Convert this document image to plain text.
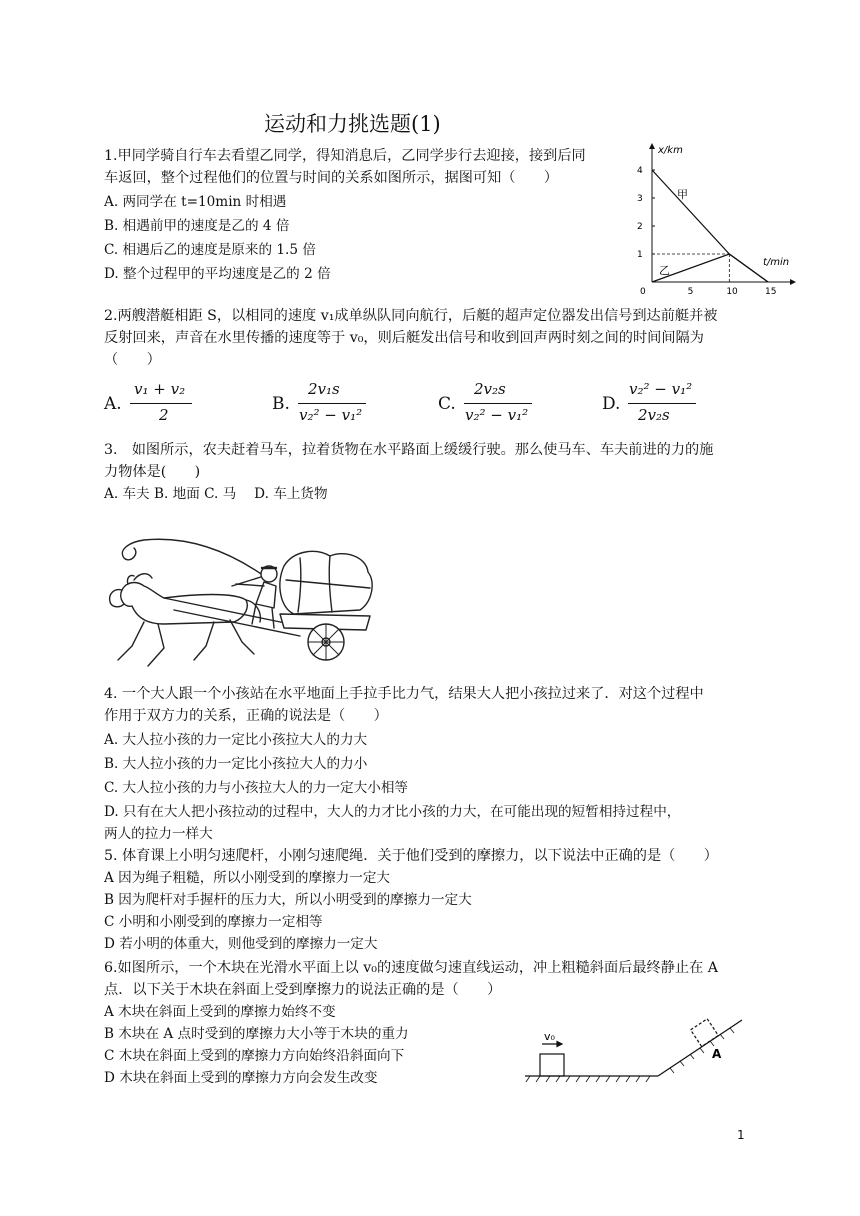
运动和力挑选题(1)
1.甲同学骑自行车去看望乙同学，得知消息后，乙同学步行去迎接，接到后同
车返回，整个过程他们的位置与时间的关系如图所示，据图可知（　　）
A. 两同学在 t=10min 时相遇
B. 相遇前甲的速度是乙的 4 倍
C. 相遇后乙的速度是原来的 1.5 倍
D. 整个过程甲的平均速度是乙的 2 倍
x/km
t/min
0	5	10	15
1
2
3
4
甲
乙
2.两艘潜艇相距 S，以相同的速度 v₁成单纵队同向航行，后艇的超声定位器发出信号到达前艇并被
反射回来，声音在水里传播的速度等于 v₀，则后艇发出信号和收到回声两时刻之间的时间间隔为
（　　）
A.
v₁ + v₂
2
B.
2v₁s
v₂² − v₁²
C.
2v₂s
v₂² − v₁²
D.
v₂² − v₁²
2v₂s
3.　如图所示，农夫赶着马车，拉着货物在水平路面上缓缓行驶。那么使马车、车夫前进的力的施
力物体是(　　)
A. 车夫 B. 地面 C. 马　 D. 车上货物
4. 一个大人跟一个小孩站在水平地面上手拉手比力气，结果大人把小孩拉过来了．对这个过程中
作用于双方力的关系，正确的说法是（　　）
A. 大人拉小孩的力一定比小孩拉大人的力大
B. 大人拉小孩的力一定比小孩拉大人的力小
C. 大人拉小孩的力与小孩拉大人的力一定大小相等
D. 只有在大人把小孩拉动的过程中，大人的力才比小孩的力大，在可能出现的短暂相持过程中，
两人的拉力一样大
5. 体育课上小明匀速爬杆，小刚匀速爬绳．关于他们受到的摩擦力，以下说法中正确的是（　　）
A 因为绳子粗糙，所以小刚受到的摩擦力一定大
B 因为爬杆对手握杆的压力大，所以小明受到的摩擦力一定大
C 小明和小刚受到的摩擦力一定相等
D 若小明的体重大，则他受到的摩擦力一定大
6.如图所示，一个木块在光滑水平面上以 v₀的速度做匀速直线运动，冲上粗糙斜面后最终静止在 A
点．以下关于木块在斜面上受到摩擦力的说法正确的是（　　）
A 木块在斜面上受到的摩擦力始终不变
B 木块在 A 点时受到的摩擦力大小等于木块的重力
C 木块在斜面上受到的摩擦力方向始终沿斜面向下
D 木块在斜面上受到的摩擦力方向会发生改变
v₀
A
1
